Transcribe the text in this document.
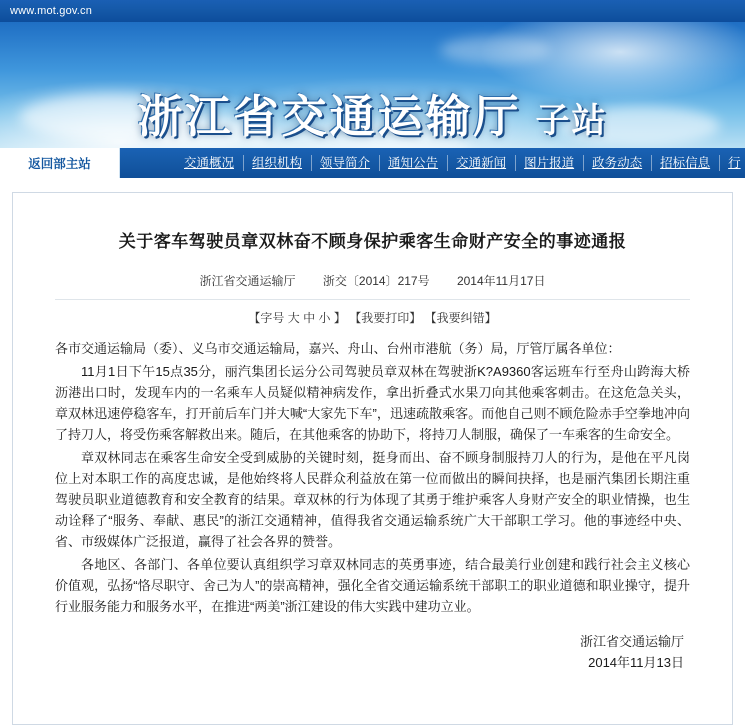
www.mot.gov.cn
浙江省交通运输厅 子站
返回部主站	交通概况	组织机构	领导简介	通知公告	交通新闻	图片报道	政务动态	招标信息	行
关于客车驾驶员章双林奋不顾身保护乘客生命财产安全的事迹通报
浙江省交通运输厅 浙交〔2014〕217号 2014年11月17日
【字号 大 中 小 】 【我要打印】 【我要纠错】

各市交通运输局（委）、义乌市交通运输局，嘉兴、舟山、台州市港航（务）局，厅管厅属各单位：

11月1日下午15点35分，丽汽集团长运分公司驾驶员章双林在驾驶浙K?A9360客运班车行至舟山跨海大桥沥港出口时，发现车内的一名乘车人员疑似精神病发作，拿出折叠式水果刀向其他乘客刺击。在这危急关头，章双林迅速停稳客车，打开前后车门并大喊“大家先下车”，迅速疏散乘客。而他自己则不顾危险赤手空拳地冲向了持刀人，将受伤乘客解救出来。随后，在其他乘客的协助下，将持刀人制服，确保了一车乘客的生命安全。

章双林同志在乘客生命安全受到威胁的关键时刻，挺身而出、奋不顾身制服持刀人的行为，是他在平凡岗位上对本职工作的高度忠诚，是他始终将人民群众利益放在第一位而做出的瞬间抉择，也是丽汽集团长期注重驾驶员职业道德教育和安全教育的结果。章双林的行为体现了其勇于维护乘客人身财产安全的职业情操，也生动诠释了“服务、奉献、惠民”的浙江交通精神，值得我省交通运输系统广大干部职工学习。他的事迹经中央、省、市级媒体广泛报道，赢得了社会各界的赞誉。

各地区、各部门、各单位要认真组织学习章双林同志的英勇事迹，结合最美行业创建和践行社会主义核心价值观，弘扬“恪尽职守、舍己为人”的崇高精神，强化全省交通运输系统干部职工的职业道德和职业操守，提升行业服务能力和服务水平，在推进“两美”浙江建设的伟大实践中建功立业。

浙江省交通运输厅
2014年11月13日
